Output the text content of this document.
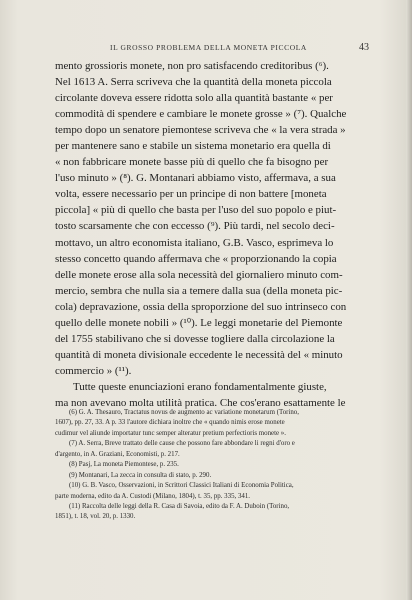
IL GROSSO PROBLEMA DELLA MONETA PICCOLA	43
mento grossioris monete, non pro satisfacendo creditoribus (⁶).
Nel 1613 A. Serra scriveva che la quantità della moneta piccola
circolante doveva essere ridotta solo alla quantità bastante « per
commodità di spendere e cambiare le monete grosse » (⁷). Qualche
tempo dopo un senatore piemontese scriveva che « la vera strada »
per mantenere sano e stabile un sistema monetario era quella di
« non fabbricare monete basse più di quello che fa bisogno per
l'uso minuto » (⁸). G. Montanari abbiamo visto, affermava, a sua
volta, essere necessario per un principe di non battere [moneta
piccola] « più di quello che basta per l'uso del suo popolo e piut-
tosto scarsamente che con eccesso (⁹). Più tardi, nel secolo deci-
mottavo, un altro economista italiano, G.B. Vasco, esprimeva lo
stesso concetto quando affermava che « proporzionando la copia
delle monete erose alla sola necessità del giornaliero minuto com-
mercio, sembra che nulla sia a temere dalla sua (della moneta pic-
cola) depravazione, ossia della sproporzione del suo intrinseco con
quello delle monete nobili » (¹⁰). Le leggi monetarie del Piemonte
del 1755 stabilivano che si dovesse togliere dalla circolazione la
quantità di moneta divisionale eccedente le necessità del « minuto
commercio » (¹¹).
Tutte queste enunciazioni erano fondamentalmente giuste,
ma non avevano molta utilità pratica. Che cos'erano esattamente le
(6) G. A. Thesauro, Tractatus novus de augmento ac variatione monetarum (Torino,
1607), pp. 27, 33. A p. 33 l'autore dichiara inoltre che « quando nimis erose monete
cudimur vel aliunde importatur tunc semper alteratur pretium perfectioris monete ».
(7) A. Serra, Breve trattato delle cause che possono fare abbondare li regni d'oro e
d'argento, in A. Graziani, Economisti, p. 217.
(8) Pasj, La moneta Piemontese, p. 235.
(9) Montanari, La zecca in consulta di stato, p. 290.
(10) G. B. Vasco, Osservazioni, in Scrittori Classici Italiani di Economia Politica,
parte moderna, edito da A. Custodi (Milano, 1804), t. 35, pp. 335, 341.
(11) Raccolta delle leggi della R. Casa di Savoia, edito da F. A. Duboin (Torino,
1851), t. 18, vol. 20, p. 1330.
